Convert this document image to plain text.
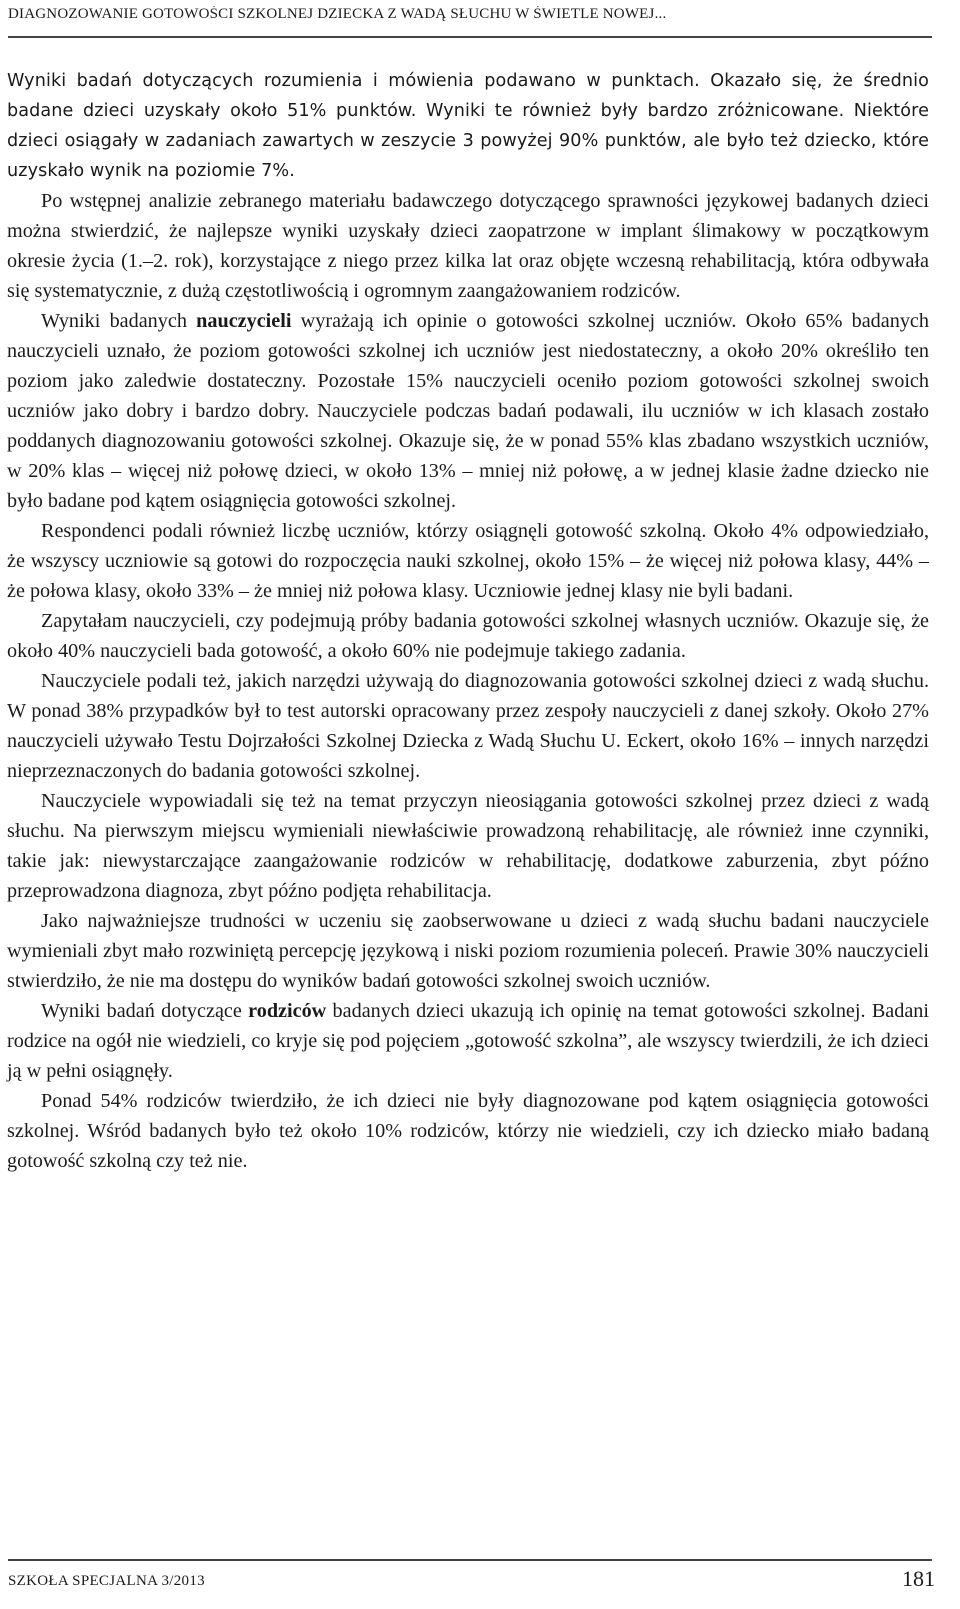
DIAGNOZOWANIE GOTOWOŚCI SZKOLNEJ DZIECKA Z WADĄ SŁUCHU W ŚWIETLE NOWEJ...

Wyniki badań dotyczących rozumienia i mówienia podawano w punktach. Okazało się, że średnio badane dzieci uzyskały około 51% punktów. Wyniki te również były bardzo zróżnicowane. Niektóre dzieci osiągały w zadaniach zawartych w zeszycie 3 powyżej 90% punktów, ale było też dziecko, które uzyskało wynik na poziomie 7%.

Po wstępnej analizie zebranego materiału badawczego dotyczącego sprawności językowej badanych dzieci można stwierdzić, że najlepsze wyniki uzyskały dzieci zaopatrzone w implant ślimakowy w początkowym okresie życia (1.–2. rok), korzystające z niego przez kilka lat oraz objęte wczesną rehabilitacją, która odbywała się systematycznie, z dużą częstotliwością i ogromnym zaangażowaniem rodziców.

Wyniki badanych nauczycieli wyrażają ich opinie o gotowości szkolnej uczniów. Około 65% badanych nauczycieli uznało, że poziom gotowości szkolnej ich uczniów jest niedostateczny, a około 20% określiło ten poziom jako zaledwie dostateczny. Pozostałe 15% nauczycieli oceniło poziom gotowości szkolnej swoich uczniów jako dobry i bardzo dobry. Nauczyciele podczas badań podawali, ilu uczniów w ich klasach zostało poddanych diagnozowaniu gotowości szkolnej. Okazuje się, że w ponad 55% klas zbadano wszystkich uczniów, w 20% klas – więcej niż połowę dzieci, w około 13% – mniej niż połowę, a w jednej klasie żadne dziecko nie było badane pod kątem osiągnięcia gotowości szkolnej.

Respondenci podali również liczbę uczniów, którzy osiągnęli gotowość szkolną. Około 4% odpowiedziało, że wszyscy uczniowie są gotowi do rozpoczęcia nauki szkolnej, około 15% – że więcej niż połowa klasy, 44% – że połowa klasy, około 33% – że mniej niż połowa klasy. Uczniowie jednej klasy nie byli badani.

Zapytałam nauczycieli, czy podejmują próby badania gotowości szkolnej własnych uczniów. Okazuje się, że około 40% nauczycieli bada gotowość, a około 60% nie podejmuje takiego zadania.

Nauczyciele podali też, jakich narzędzi używają do diagnozowania gotowości szkolnej dzieci z wadą słuchu. W ponad 38% przypadków był to test autorski opracowany przez zespoły nauczycieli z danej szkoły. Około 27% nauczycieli używało Testu Dojrzałości Szkolnej Dziecka z Wadą Słuchu U. Eckert, około 16% – innych narzędzi nieprzeznaczonych do badania gotowości szkolnej.

Nauczyciele wypowiadali się też na temat przyczyn nieosiągania gotowości szkolnej przez dzieci z wadą słuchu. Na pierwszym miejscu wymieniali niewłaściwie prowadzoną rehabilitację, ale również inne czynniki, takie jak: niewystarczające zaangażowanie rodziców w rehabilitację, dodatkowe zaburzenia, zbyt późno przeprowadzona diagnoza, zbyt późno podjęta rehabilitacja.

Jako najważniejsze trudności w uczeniu się zaobserwowane u dzieci z wadą słuchu badani nauczyciele wymieniali zbyt mało rozwiniętą percepcję językową i niski poziom rozumienia poleceń. Prawie 30% nauczycieli stwierdziło, że nie ma dostępu do wyników badań gotowości szkolnej swoich uczniów.

Wyniki badań dotyczące rodziców badanych dzieci ukazują ich opinię na temat gotowości szkolnej. Badani rodzice na ogół nie wiedzieli, co kryje się pod pojęciem „gotowość szkolna”, ale wszyscy twierdzili, że ich dzieci ją w pełni osiągnęły.

Ponad 54% rodziców twierdziło, że ich dzieci nie były diagnozowane pod kątem osiągnięcia gotowości szkolnej. Wśród badanych było też około 10% rodziców, którzy nie wiedzieli, czy ich dziecko miało badaną gotowość szkolną czy też nie.

SZKOŁA SPECJALNA 3/2013	181
